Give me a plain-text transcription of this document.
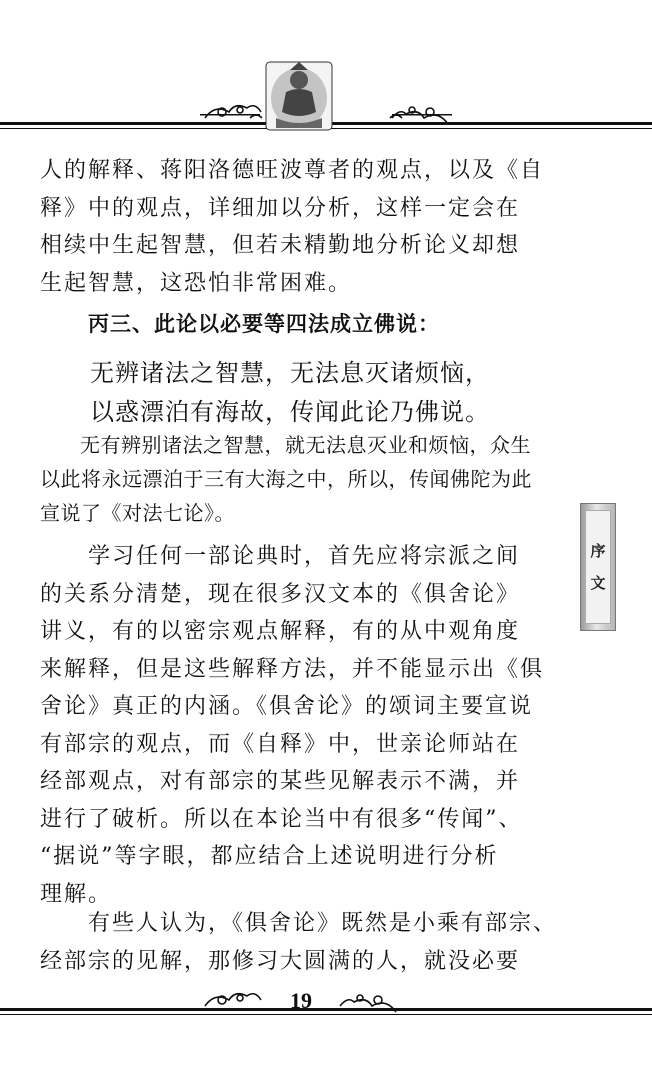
人的解释、蒋阳洛德旺波尊者的观点，以及《自
释》中的观点，详细加以分析，这样一定会在
相续中生起智慧，但若未精勤地分析论义却想
生起智慧，这恐怕非常困难。
丙三、此论以必要等四法成立佛说：
无辨诸法之智慧，无法息灭诸烦恼，
以惑漂泊有海故，传闻此论乃佛说。
无有辨别诸法之智慧，就无法息灭业和烦恼，众生
以此将永远漂泊于三有大海之中，所以，传闻佛陀为此
宣说了《对法七论》。
学习任何一部论典时，首先应将宗派之间
的关系分清楚，现在很多汉文本的《俱舍论》
讲义，有的以密宗观点解释，有的从中观角度
来解释，但是这些解释方法，并不能显示出《俱
舍论》真正的内涵。《俱舍论》的颂词主要宣说
有部宗的观点，而《自释》中，世亲论师站在
经部观点，对有部宗的某些见解表示不满，并
进行了破析。所以在本论当中有很多“传闻”、
“据说”等字眼，都应结合上述说明进行分析
理解。
有些人认为，《俱舍论》既然是小乘有部宗、
经部宗的见解，那修习大圆满的人，就没必要
序
文
19
